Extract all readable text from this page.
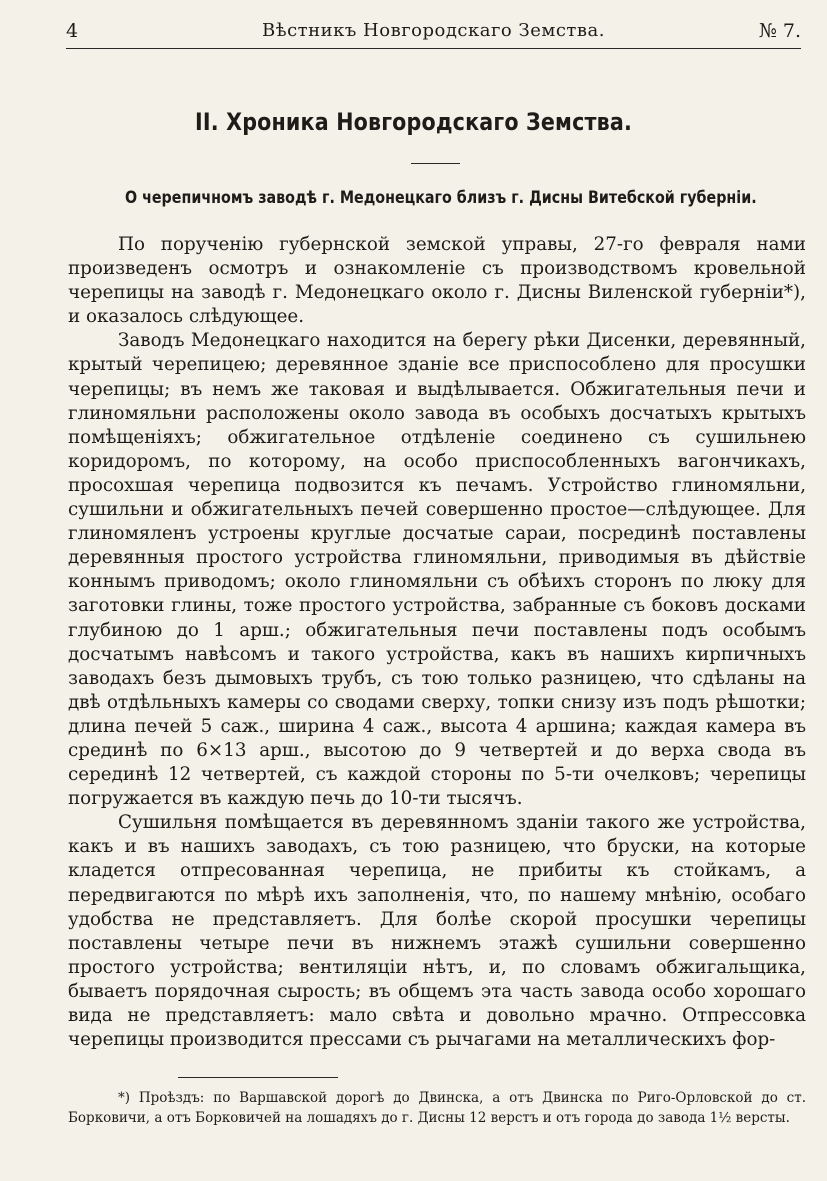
4	Вѣстникъ Новгородскаго Земства.	№ 7.
II. Хроника Новгородскаго Земства.
О черепичномъ заводѣ г. Медонецкаго близъ г. Дисны Витебской губерніи.

По порученію губернской земской управы, 27-го февраля нами произведенъ осмотръ и ознакомленіе съ производствомъ кровельной черепицы на заводѣ г. Медонецкаго около г. Дисны Виленской губерніи*), и оказалось слѣдующее.

Заводъ Медонецкаго находится на берегу рѣки Дисенки, деревянный, крытый черепицею; деревянное зданіе все приспособлено для просушки черепицы; въ немъ же таковая и выдѣлывается. Обжигательныя печи и глиномяльни расположены около завода въ особыхъ досчатыхъ крытыхъ помѣщеніяхъ; обжигательное отдѣленіе соединено съ сушильнею коридоромъ, по которому, на особо приспособленныхъ вагончикахъ, просохшая черепица подвозится къ печамъ. Устройство глиномяльни, сушильни и обжигательныхъ печей совершенно простое—слѣдующее. Для глиномяленъ устроены круглые досчатые сараи, посрединѣ поставлены деревянныя простого устройства глиномяльни, приводимыя въ дѣйствіе коннымъ приводомъ; около глиномяльни съ обѣихъ сторонъ по люку для заготовки глины, тоже простого устройства, забранные съ боковъ досками глубиною до 1 арш.; обжигательныя печи поставлены подъ особымъ досчатымъ навѣсомъ и такого устройства, какъ въ нашихъ кирпичныхъ заводахъ безъ дымовыхъ трубъ, съ тою только разницею, что сдѣланы на двѣ отдѣльныхъ камеры со сводами сверху, топки снизу изъ подъ рѣшотки; длина печей 5 саж., ширина 4 саж., высота 4 аршина; каждая камера въ срединѣ по 6×13 арш., высотою до 9 четвертей и до верха свода въ серединѣ 12 четвертей, съ каждой стороны по 5-ти очелковъ; черепицы погружается въ каждую печь до 10-ти тысячъ.

Сушильня помѣщается въ деревянномъ зданіи такого же устройства, какъ и въ нашихъ заводахъ, съ тою разницею, что бруски, на которые кладется отпресованная черепица, не прибиты къ стойкамъ, а передвигаются по мѣрѣ ихъ заполненія, что, по нашему мнѣнію, особаго удобства не представляетъ. Для болѣе скорой просушки черепицы поставлены четыре печи въ нижнемъ этажѣ сушильни совершенно простого устройства; вентиляціи нѣтъ, и, по словамъ обжигальщика, бываетъ порядочная сырость; въ общемъ эта часть завода особо хорошаго вида не представляетъ: мало свѣта и довольно мрачно. Отпрессовка черепицы производится прессами съ рычагами на металлическихъ фор-

*) Проѣздъ: по Варшавской дорогѣ до Двинска, а отъ Двинска по Риго-Орловской до ст. Борковичи, а отъ Борковичей на лошадяхъ до г. Дисны 12 верстъ и отъ города до завода 1½ версты.
